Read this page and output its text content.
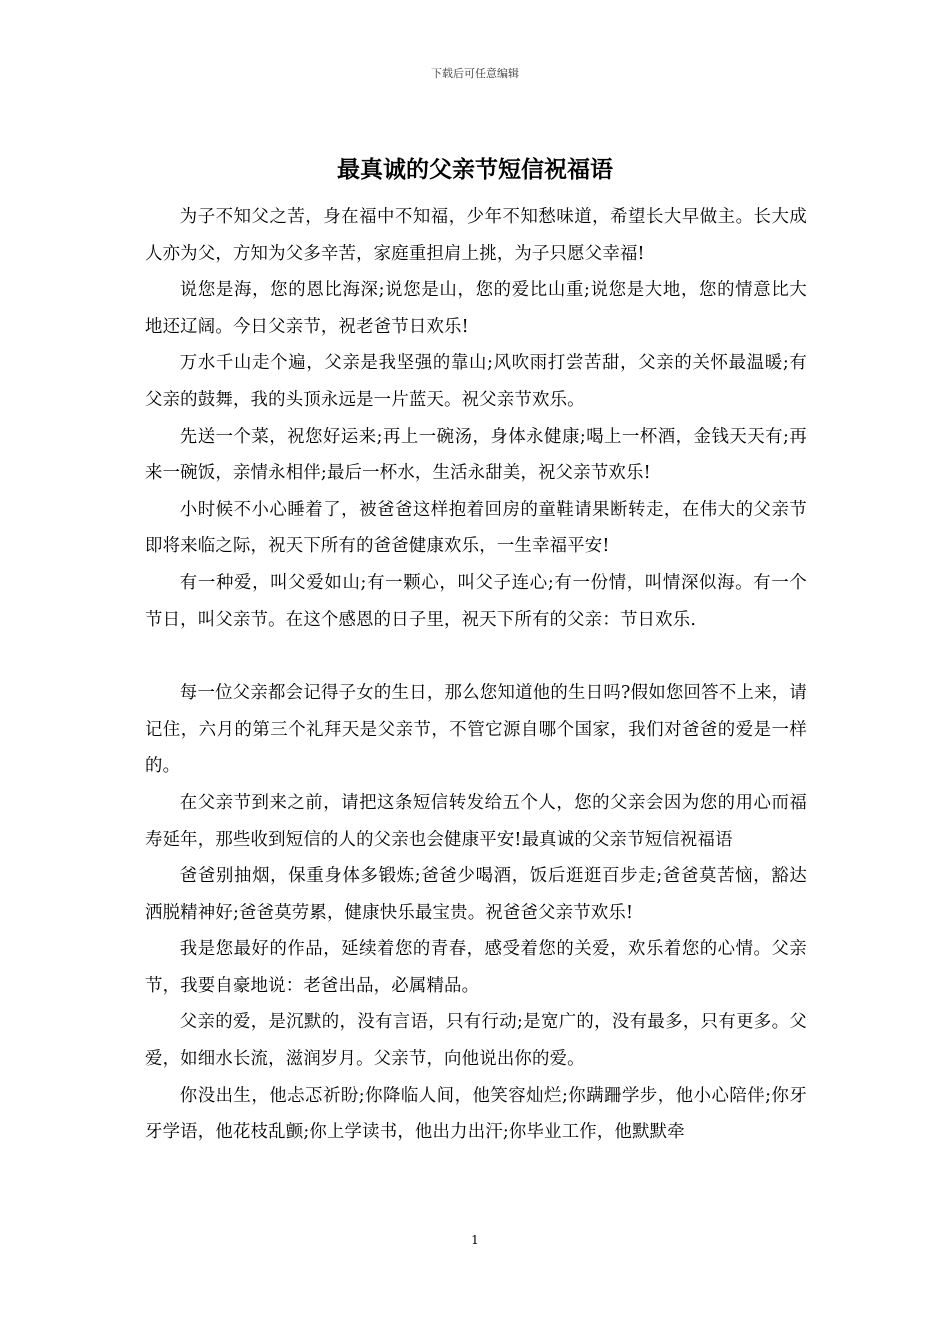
下载后可任意编辑
最真诚的父亲节短信祝福语

为子不知父之苦，身在福中不知福，少年不知愁味道，希望长大早做主。长大成人亦为父，方知为父多辛苦，家庭重担肩上挑，为子只愿父幸福!

说您是海，您的恩比海深;说您是山，您的爱比山重;说您是大地，您的情意比大地还辽阔。今日父亲节，祝老爸节日欢乐!

万水千山走个遍，父亲是我坚强的靠山;风吹雨打尝苦甜，父亲的关怀最温暖;有父亲的鼓舞，我的头顶永远是一片蓝天。祝父亲节欢乐。

先送一个菜，祝您好运来;再上一碗汤，身体永健康;喝上一杯酒，金钱天天有;再来一碗饭，亲情永相伴;最后一杯水，生活永甜美，祝父亲节欢乐!

小时候不小心睡着了，被爸爸这样抱着回房的童鞋请果断转走，在伟大的父亲节即将来临之际，祝天下所有的爸爸健康欢乐，一生幸福平安!

有一种爱，叫父爱如山;有一颗心，叫父子连心;有一份情，叫情深似海。有一个节日，叫父亲节。在这个感恩的日子里，祝天下所有的父亲：节日欢乐.

每一位父亲都会记得子女的生日，那么您知道他的生日吗?假如您回答不上来，请记住，六月的第三个礼拜天是父亲节，不管它源自哪个国家，我们对爸爸的爱是一样的。

在父亲节到来之前，请把这条短信转发给五个人，您的父亲会因为您的用心而福寿延年，那些收到短信的人的父亲也会健康平安!最真诚的父亲节短信祝福语

爸爸别抽烟，保重身体多锻炼;爸爸少喝酒，饭后逛逛百步走;爸爸莫苦恼，豁达洒脱精神好;爸爸莫劳累，健康快乐最宝贵。祝爸爸父亲节欢乐!

我是您最好的作品，延续着您的青春，感受着您的关爱，欢乐着您的心情。父亲节，我要自豪地说：老爸出品，必属精品。

父亲的爱，是沉默的，没有言语，只有行动;是宽广的，没有最多，只有更多。父爱，如细水长流，滋润岁月。父亲节，向他说出你的爱。

你没出生，他忐忑祈盼;你降临人间，他笑容灿烂;你蹒跚学步，他小心陪伴;你牙牙学语，他花枝乱颤;你上学读书，他出力出汗;你毕业工作，他默默牵

1
